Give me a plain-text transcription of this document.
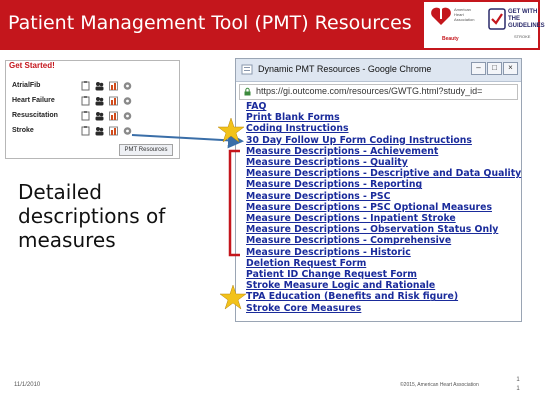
Patient Management Tool (PMT) Resources
American
Heart
Association
Beauty
GET WITH THE
GUIDELINES
STROKE
Get Started!
AtrialFib
Heart Failure
Resuscitation
Stroke
PMT Resources
Dynamic PMT Resources - Google Chrome	–	□	×
https://gi.outcome.com/resources/GWTG.html?study_id=
FAQ
Print Blank Forms
Coding Instructions
30 Day Follow Up Form Coding Instructions
Measure Descriptions - Achievement
Measure Descriptions - Quality
Measure Descriptions - Descriptive and Data Quality
Measure Descriptions - Reporting
Measure Descriptions - PSC
Measure Descriptions - PSC Optional Measures
Measure Descriptions - Inpatient Stroke
Measure Descriptions - Observation Status Only
Measure Descriptions - Comprehensive
Measure Descriptions - Historic
Deletion Request Form
Patient ID Change Request Form
Stroke Measure Logic and Rationale
TPA Education (Benefits and Risk figure)
Stroke Core Measures
Detailed
descriptions of
measures
11/1/2010	©2015, American Heart Association
1
1
